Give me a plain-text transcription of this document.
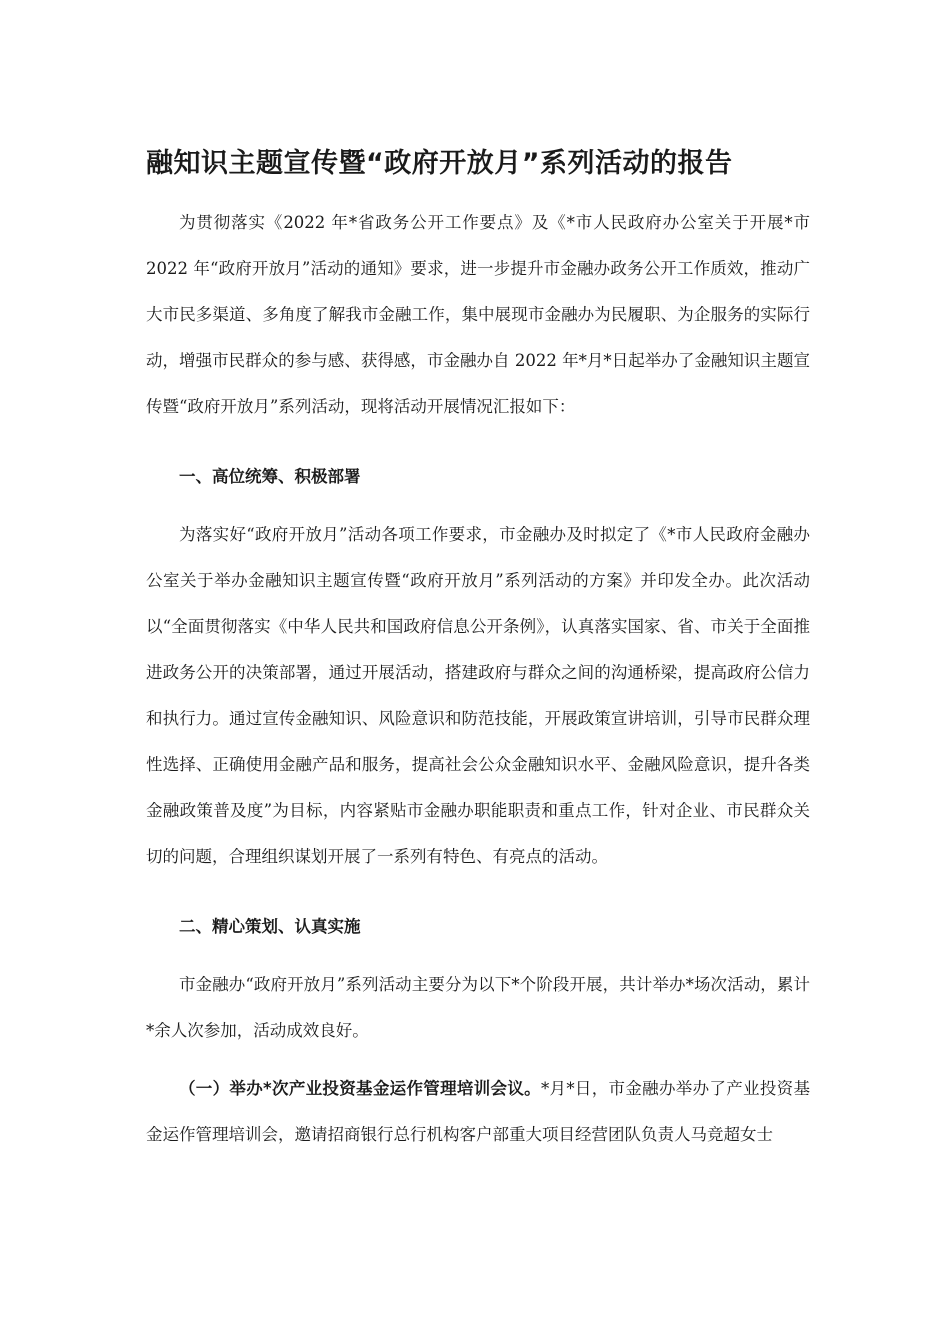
融知识主题宣传暨“政府开放月”系列活动的报告

为贯彻落实《2022 年*省政务公开工作要点》及《*市人民政府办公室关于开展*市 2022 年“政府开放月”活动的通知》要求，进一步提升市金融办政务公开工作质效，推动广大市民多渠道、多角度了解我市金融工作，集中展现市金融办为民履职、为企服务的实际行动，增强市民群众的参与感、获得感，市金融办自 2022 年*月*日起举办了金融知识主题宣传暨“政府开放月”系列活动，现将活动开展情况汇报如下：

一、高位统筹、积极部署

为落实好“政府开放月”活动各项工作要求，市金融办及时拟定了《*市人民政府金融办公室关于举办金融知识主题宣传暨“政府开放月”系列活动的方案》并印发全办。此次活动以“全面贯彻落实《中华人民共和国政府信息公开条例》，认真落实国家、省、市关于全面推进政务公开的决策部署，通过开展活动，搭建政府与群众之间的沟通桥梁，提高政府公信力和执行力。通过宣传金融知识、风险意识和防范技能，开展政策宣讲培训，引导市民群众理性选择、正确使用金融产品和服务，提高社会公众金融知识水平、金融风险意识，提升各类金融政策普及度”为目标，内容紧贴市金融办职能职责和重点工作，针对企业、市民群众关切的问题，合理组织谋划开展了一系列有特色、有亮点的活动。

二、精心策划、认真实施

市金融办“政府开放月”系列活动主要分为以下*个阶段开展，共计举办*场次活动，累计*余人次参加，活动成效良好。

（一）举办*次产业投资基金运作管理培训会议。*月*日，市金融办举办了产业投资基金运作管理培训会，邀请招商银行总行机构客户部重大项目经营团队负责人马竞超女士
